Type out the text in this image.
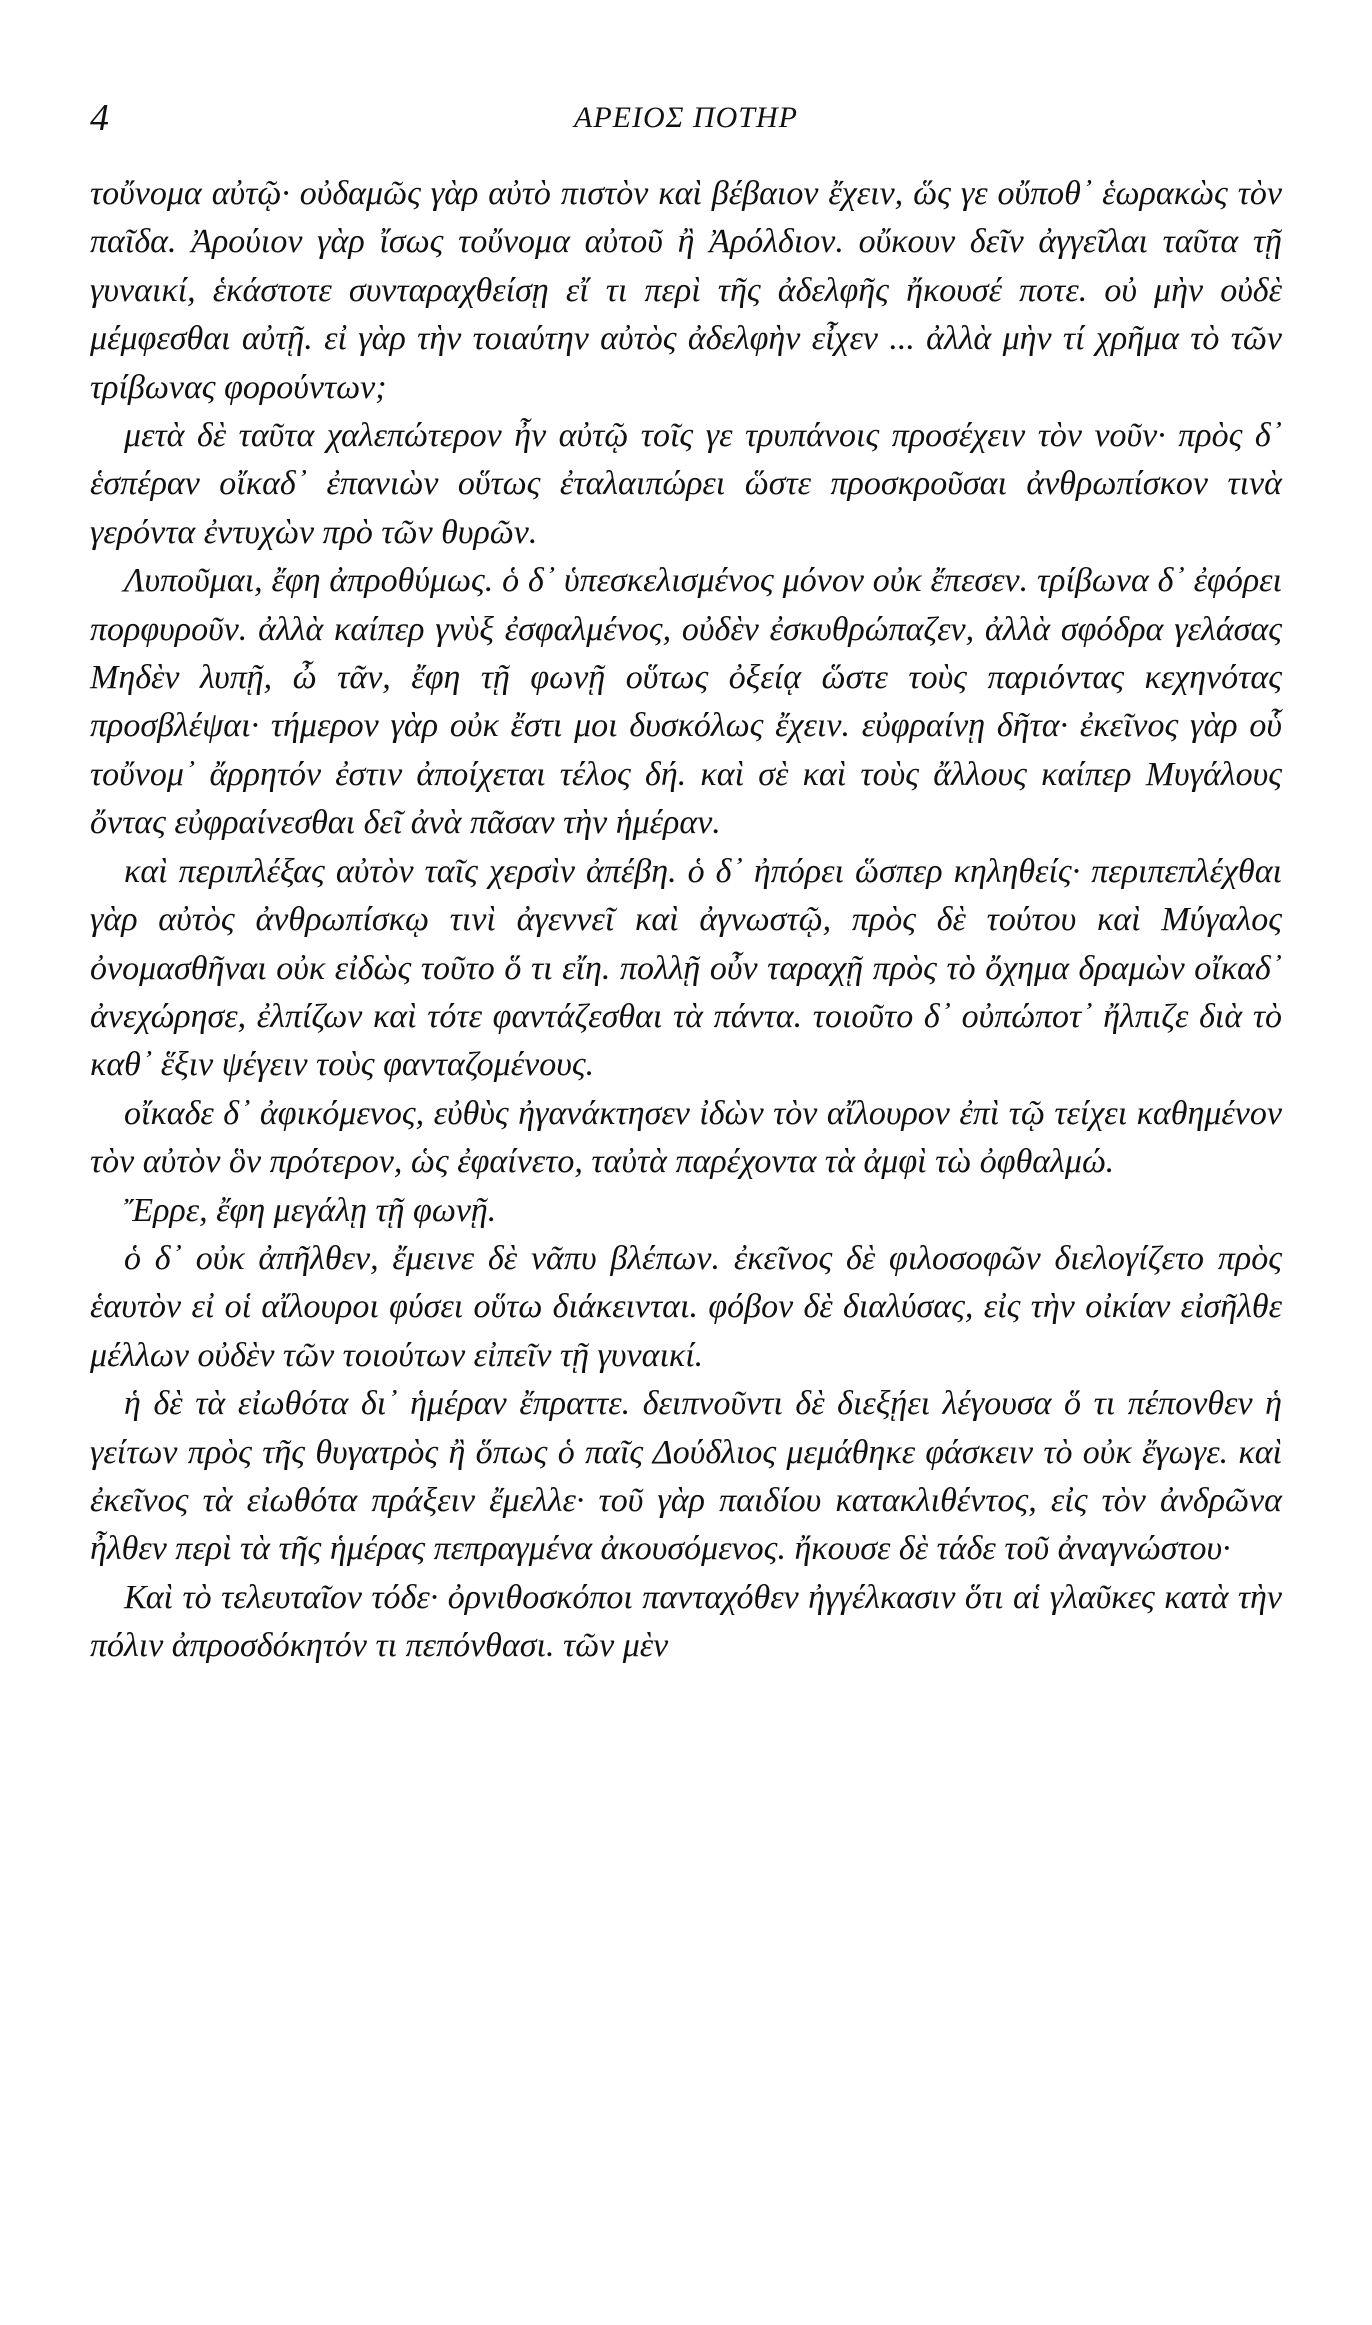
4	ΑΡΕΙΟΣ ΠΟΤΗΡ

τοὔνομα αὐτῷ· οὐδαμῶς γὰρ αὐτὸ πιστὸν καὶ βέβαιον ἔχειν, ὥς γε οὔποθ᾽ ἑωρακὼς τὸν παῖδα. Ἀρούιον γὰρ ἴσως τοὔνομα αὐτοῦ ἢ Ἀρόλδιον. οὔκουν δεῖν ἀγγεῖλαι ταῦτα τῇ γυναικί, ἑκάστοτε συνταραχθείσῃ εἴ τι περὶ τῆς ἀδελφῆς ἤκουσέ ποτε. οὐ μὴν οὐδὲ μέμφεσθαι αὐτῇ. εἰ γὰρ τὴν τοιαύτην αὐτὸς ἀδελφὴν εἶχεν ... ἀλλὰ μὴν τί χρῆμα τὸ τῶν τρίβωνας φορούντων;

μετὰ δὲ ταῦτα χαλεπώτερον ἦν αὐτῷ τοῖς γε τρυπάνοις προσέχειν τὸν νοῦν· πρὸς δ᾽ ἑσπέραν οἴκαδ᾽ ἐπανιὼν οὕτως ἐταλαιπώρει ὥστε προσκροῦσαι ἀνθρωπίσκον τινὰ γερόντα ἐντυχὼν πρὸ τῶν θυρῶν.

Λυποῦμαι, ἔφη ἀπροθύμως. ὁ δ᾽ ὑπεσκελισμένος μόνον οὐκ ἔπεσεν. τρίβωνα δ᾽ ἐφόρει πορφυροῦν. ἀλλὰ καίπερ γνὺξ ἐσφαλμένος, οὐδὲν ἐσκυθρώπαζεν, ἀλλὰ σφόδρα γελάσας Μηδὲν λυπῇ, ὦ τᾶν, ἔφη τῇ φωνῇ οὕτως ὀξείᾳ ὥστε τοὺς παριόντας κεχηνότας προσβλέψαι· τήμερον γὰρ οὐκ ἔστι μοι δυσκόλως ἔχειν. εὐφραίνῃ δῆτα· ἐκεῖνος γὰρ οὗ τοὔνομ᾽ ἄρρητόν ἐστιν ἀποίχεται τέλος δή. καὶ σὲ καὶ τοὺς ἄλλους καίπερ Μυγάλους ὄντας εὐφραίνεσθαι δεῖ ἀνὰ πᾶσαν τὴν ἡμέραν.

καὶ περιπλέξας αὐτὸν ταῖς χερσὶν ἀπέβη. ὁ δ᾽ ἠπόρει ὥσπερ κηληθείς· περιπεπλέχθαι γὰρ αὐτὸς ἀνθρωπίσκῳ τινὶ ἀγεννεῖ καὶ ἀγνωστῷ, πρὸς δὲ τούτου καὶ Μύγαλος ὀνομασθῆναι οὐκ εἰδὼς τοῦτο ὅ τι εἴη. πολλῇ οὖν ταραχῇ πρὸς τὸ ὄχημα δραμὼν οἴκαδ᾽ ἀνεχώρησε, ἐλπίζων καὶ τότε φαντάζεσθαι τὰ πάντα. τοιοῦτο δ᾽ οὐπώποτ᾽ ἤλπιζε διὰ τὸ καθ᾽ ἕξιν ψέγειν τοὺς φανταζομένους.

οἴκαδε δ᾽ ἀφικόμενος, εὐθὺς ἠγανάκτησεν ἰδὼν τὸν αἴλουρον ἐπὶ τῷ τείχει καθημένον τὸν αὐτὸν ὃν πρότερον, ὡς ἐφαίνετο, ταὐτὰ παρέχοντα τὰ ἀμφὶ τὼ ὀφθαλμώ.

Ἔρρε, ἔφη μεγάλῃ τῇ φωνῇ.

ὁ δ᾽ οὐκ ἀπῆλθεν, ἔμεινε δὲ νᾶπυ βλέπων. ἐκεῖνος δὲ φιλοσοφῶν διελογίζετο πρὸς ἑαυτὸν εἰ οἱ αἴλουροι φύσει οὕτω διάκεινται. φόβον δὲ διαλύσας, εἰς τὴν οἰκίαν εἰσῆλθε μέλλων οὐδὲν τῶν τοιούτων εἰπεῖν τῇ γυναικί.

ἡ δὲ τὰ εἰωθότα δι᾽ ἡμέραν ἔπραττε. δειπνοῦντι δὲ διεξῄει λέγουσα ὅ τι πέπονθεν ἡ γείτων πρὸς τῆς θυγατρὸς ἢ ὅπως ὁ παῖς Δούδλιος μεμάθηκε φάσκειν τὸ οὐκ ἔγωγε. καὶ ἐκεῖνος τὰ εἰωθότα πράξειν ἔμελλε· τοῦ γὰρ παιδίου κατακλιθέντος, εἰς τὸν ἀνδρῶνα ἦλθεν περὶ τὰ τῆς ἡμέρας πεπραγμένα ἀκουσόμενος. ἤκουσε δὲ τάδε τοῦ ἀναγνώστου·

Καὶ τὸ τελευταῖον τόδε· ὀρνιθοσκόποι πανταχόθεν ἠγγέλκασιν ὅτι αἱ γλαῦκες κατὰ τὴν πόλιν ἀπροσδόκητόν τι πεπόνθασι. τῶν μὲν
